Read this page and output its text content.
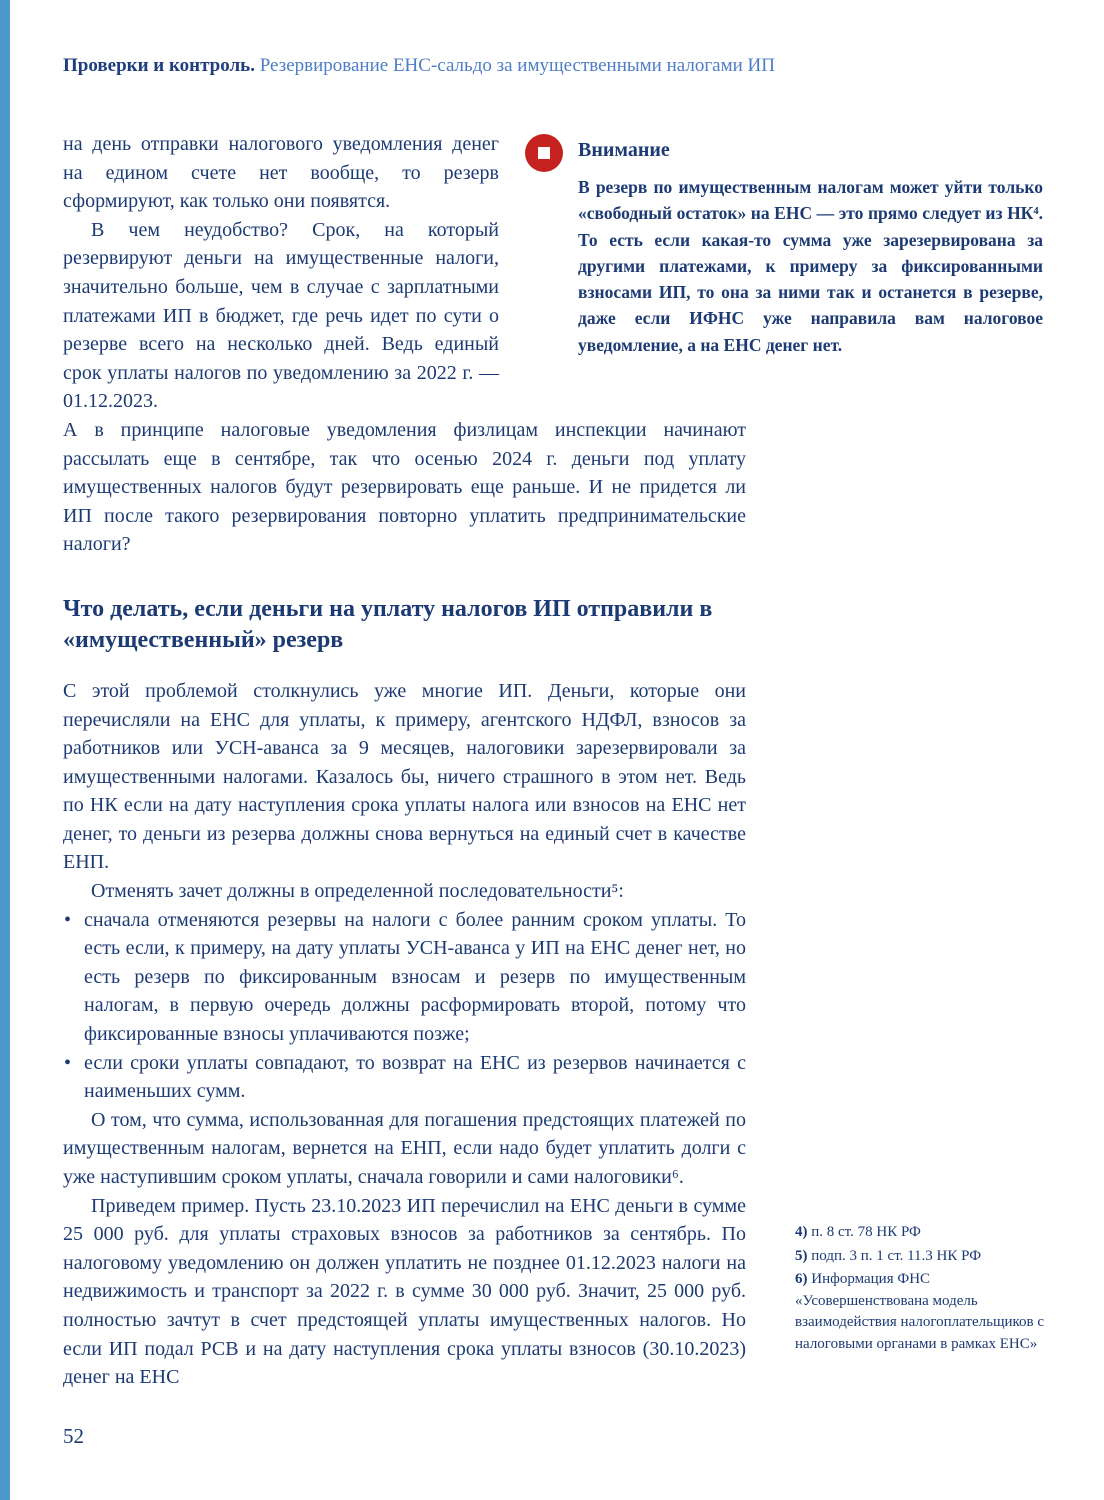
Проверки и контроль. Резервирование ЕНС-сальдо за имущественными налогами ИП

на день отправки налогового уведомления денег на едином счете нет вообще, то резерв сформируют, как только они появятся.

В чем неудобство? Срок, на который резервируют деньги на имущественные налоги, значительно больше, чем в случае с зарплатными платежами ИП в бюджет, где речь идет по сути о резерве всего на несколько дней. Ведь единый срок уплаты налогов по уведомлению за 2022 г. — 01.12.2023.

Внимание

В резерв по имущественным налогам может уйти только «свободный остаток» на ЕНС — это прямо следует из НК⁴. То есть если какая-то сумма уже зарезервирована за другими платежами, к примеру за фиксированными взносами ИП, то она за ними так и останется в резерве, даже если ИФНС уже направила вам налоговое уведомление, а на ЕНС денег нет.

А в принципе налоговые уведомления физлицам инспекции начинают рассылать еще в сентябре, так что осенью 2024 г. деньги под уплату имущественных налогов будут резервировать еще раньше. И не придется ли ИП после такого резервирования повторно уплатить предпринимательские налоги?

Что делать, если деньги на уплату налогов ИП отправили в «имущественный» резерв

С этой проблемой столкнулись уже многие ИП. Деньги, которые они перечисляли на ЕНС для уплаты, к примеру, агентского НДФЛ, взносов за работников или УСН-аванса за 9 месяцев, налоговики зарезервировали за имущественными налогами. Казалось бы, ничего страшного в этом нет. Ведь по НК если на дату наступления срока уплаты налога или взносов на ЕНС нет денег, то деньги из резерва должны снова вернуться на единый счет в качестве ЕНП.

Отменять зачет должны в определенной последовательности⁵:

• сначала отменяются резервы на налоги с более ранним сроком уплаты. То есть если, к примеру, на дату уплаты УСН-аванса у ИП на ЕНС денег нет, но есть резерв по фиксированным взносам и резерв по имущественным налогам, в первую очередь должны расформировать второй, потому что фиксированные взносы уплачиваются позже;
• если сроки уплаты совпадают, то возврат на ЕНС из резервов начинается с наименьших сумм.

О том, что сумма, использованная для погашения предстоящих платежей по имущественным налогам, вернется на ЕНП, если надо будет уплатить долги с уже наступившим сроком уплаты, сначала говорили и сами налоговики⁶.

Приведем пример. Пусть 23.10.2023 ИП перечислил на ЕНС деньги в сумме 25 000 руб. для уплаты страховых взносов за работников за сентябрь. По налоговому уведомлению он должен уплатить не позднее 01.12.2023 налоги на недвижимость и транспорт за 2022 г. в сумме 30 000 руб. Значит, 25 000 руб. полностью зачтут в счет предстоящей уплаты имущественных налогов. Но если ИП подал РСВ и на дату наступления срока уплаты взносов (30.10.2023) денег на ЕНС

4) п. 8 ст. 78 НК РФ

5) подп. 3 п. 1 ст. 11.3 НК РФ

6) Информация ФНС «Усовершенствована модель взаимодействия налогоплательщиков с налоговыми органами в рамках ЕНС»

52
